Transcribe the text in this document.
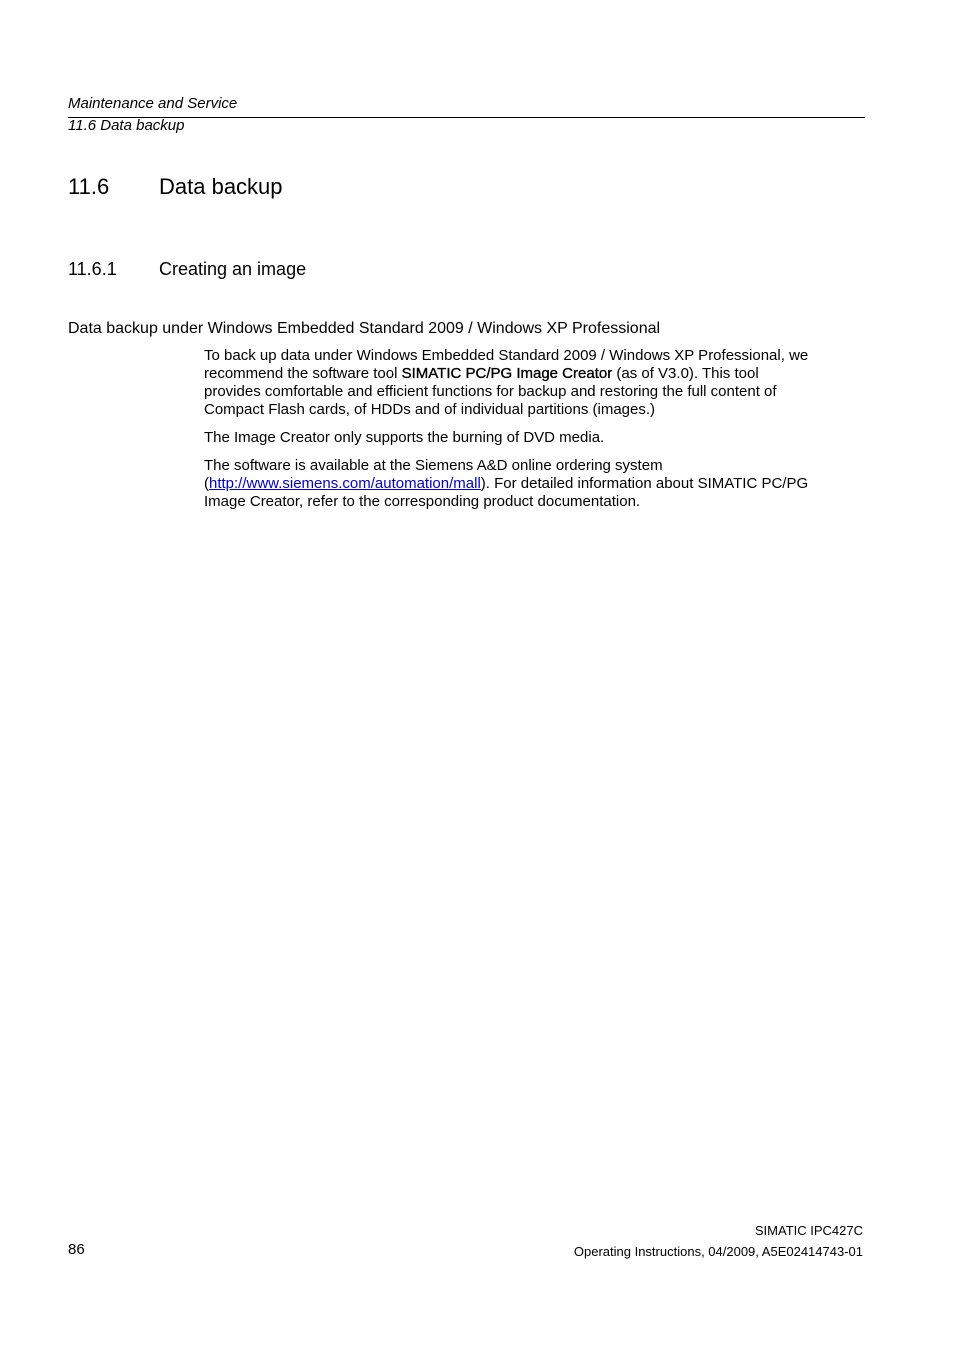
Maintenance and Service
11.6 Data backup
11.6 Data backup
11.6.1 Creating an image
Data backup under Windows Embedded Standard 2009 / Windows XP Professional
To back up data under Windows Embedded Standard 2009 / Windows XP Professional, we
recommend the software tool SIMATIC PC/PG Image Creator (as of V3.0). This tool
provides comfortable and efficient functions for backup and restoring the full content of
Compact Flash cards, of HDDs and of individual partitions (images.)
The Image Creator only supports the burning of DVD media.
The software is available at the Siemens A&D online ordering system
(http://www.siemens.com/automation/mall). For detailed information about SIMATIC PC/PG
Image Creator, refer to the corresponding product documentation.
SIMATIC IPC427C
86	Operating Instructions, 04/2009, A5E02414743-01
